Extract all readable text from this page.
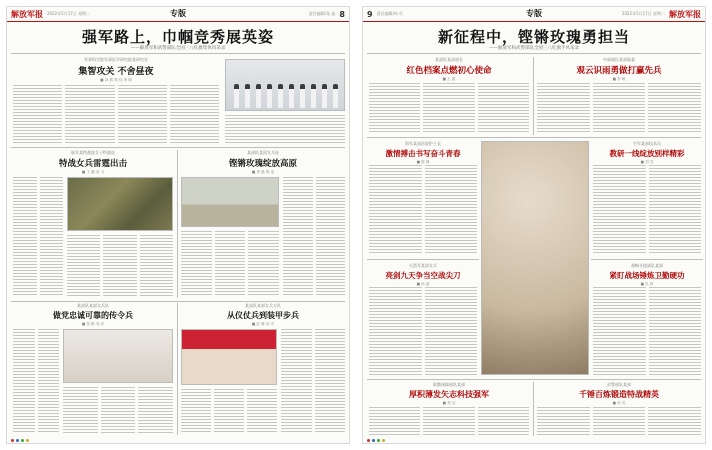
解放军报 2022年5月17日 星期二	专版	责任编辑/张 晶 8
强军路上，巾帼竞秀展英姿
——解放军和武警部队全国三八红旗集体风采录
军事科学院军事医学研究院某研究室
集智攻关 不舍昼夜
■ 刘 倩 郑 伟 李 明
陆军某特战旅女子特战连
特战女兵雷霆出击
■ 王 鹏 高 飞
某部队某团女兵连
铿锵玫瑰绽放高原
■ 李 磊 陈 浩
某部队某部女兵队
做党忠诚可靠的传令兵
■ 张 帆 刘 洋
某部队某部女兵方队
从仪仗兵到装甲步兵
■ 赵 琳 孙 杰
9 责任编辑/周 红	专版	2022年5月17日 星期二 解放军报
新征程中，铿锵玫瑰勇担当
——解放军和武警部队全国三八红旗手风采录
某部队某部部长
红色档案点燃初心使命
■ 王 霞
中部战区某部政委
观云识雨勇做打赢先兵
■ 李 敏
海军某部医院护士长
激情搏击书写奋斗青春
■ 陈 静
火箭军某部女兵
亮剑九天争当空战尖刀
■ 孙 丽
空军某部技术员
教研一线绽放别样精彩
■ 刘 芳
战略支援部队某部
紧盯战场锤炼卫勤硬功
■ 吴 婷
联勤保障部队某部
厚积薄发矢志科技强军
■ 郑 洁
武警部队某部
千锤百炼锻造特战精英
■ 何 英
